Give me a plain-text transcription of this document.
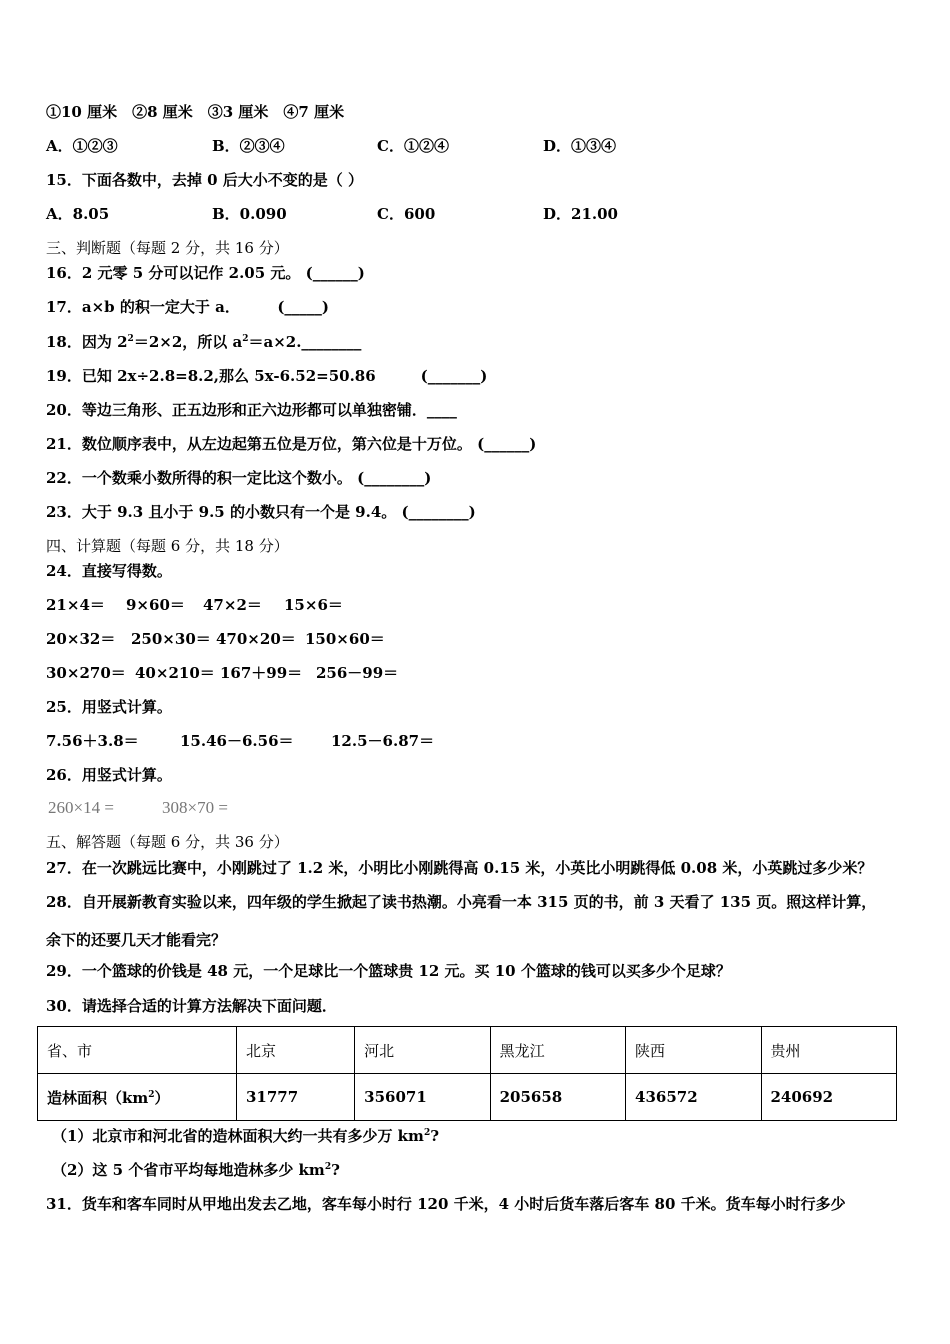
①10 厘米　②8 厘米　③3 厘米　④7 厘米
A．①②③	B．②③④	C．①②④	D．①③④
15．下面各数中，去掉 0 后大小不变的是（ ）
A．8.05	B．0.090	C．600	D．21.00
三、判断题（每题 2 分，共 16 分）
16．2 元零 5 分可以记作 2.05 元。 (______)
17．a×b 的积一定大于 a．　　　(_____)
18．因为 $2^2=2\times 2$，所以 $a^2=a\times 2.\_\_\_\_\_\_\_\_$
19．已知 2x÷2.8=8.2,那么 5x-6.52=50.86　　　(_______)
20．等边三角形、正五边形和正六边形都可以单独密铺．____
21．数位顺序表中，从左边起第五位是万位，第六位是十万位。 (______)
22．一个数乘小数所得的积一定比这个数小。 (________)
23．大于 9.3 且小于 9.5 的小数只有一个是 9.4。 (________)
四、计算题（每题 6 分，共 18 分）
24．直接写得数。
21×4＝ 9×60＝ 47×2＝ 15×6＝
20×32＝ 250×30＝ 470×20＝ 150×60＝
30×270＝ 40×210＝ 167＋99＝ 256－99＝
25．用竖式计算。
7.56＋3.8＝	15.46－6.56＝ 12.5－6.87＝
26．用竖式计算。
260×14 =	308×70 =
五、解答题（每题 6 分，共 36 分）
27．在一次跳远比赛中，小刚跳过了 1.2 米，小明比小刚跳得高 0.15 米，小英比小明跳得低 0.08 米，小英跳过多少米？
28．自开展新教育实验以来，四年级的学生掀起了读书热潮。小亮看一本 315 页的书，前 3 天看了 135 页。照这样计算，
余下的还要几天才能看完？
29．一个篮球的价钱是 48 元，一个足球比一个篮球贵 12 元。买 10 个篮球的钱可以买多少个足球？
30．请选择合适的计算方法解决下面问题．
省、市	北京	河北	黑龙江	陕西	贵州
造林面积$(km^2)$	31777	356071	205658	436572	240692
（1）北京市和河北省的造林面积大约一共有多少万 $km^2$?
（2）这 5 个省市平均每地造林多少 $km^2$?
31．货车和客车同时从甲地出发去乙地，客车每小时行 120 千米，4 小时后货车落后客车 80 千米。货车每小时行多少
